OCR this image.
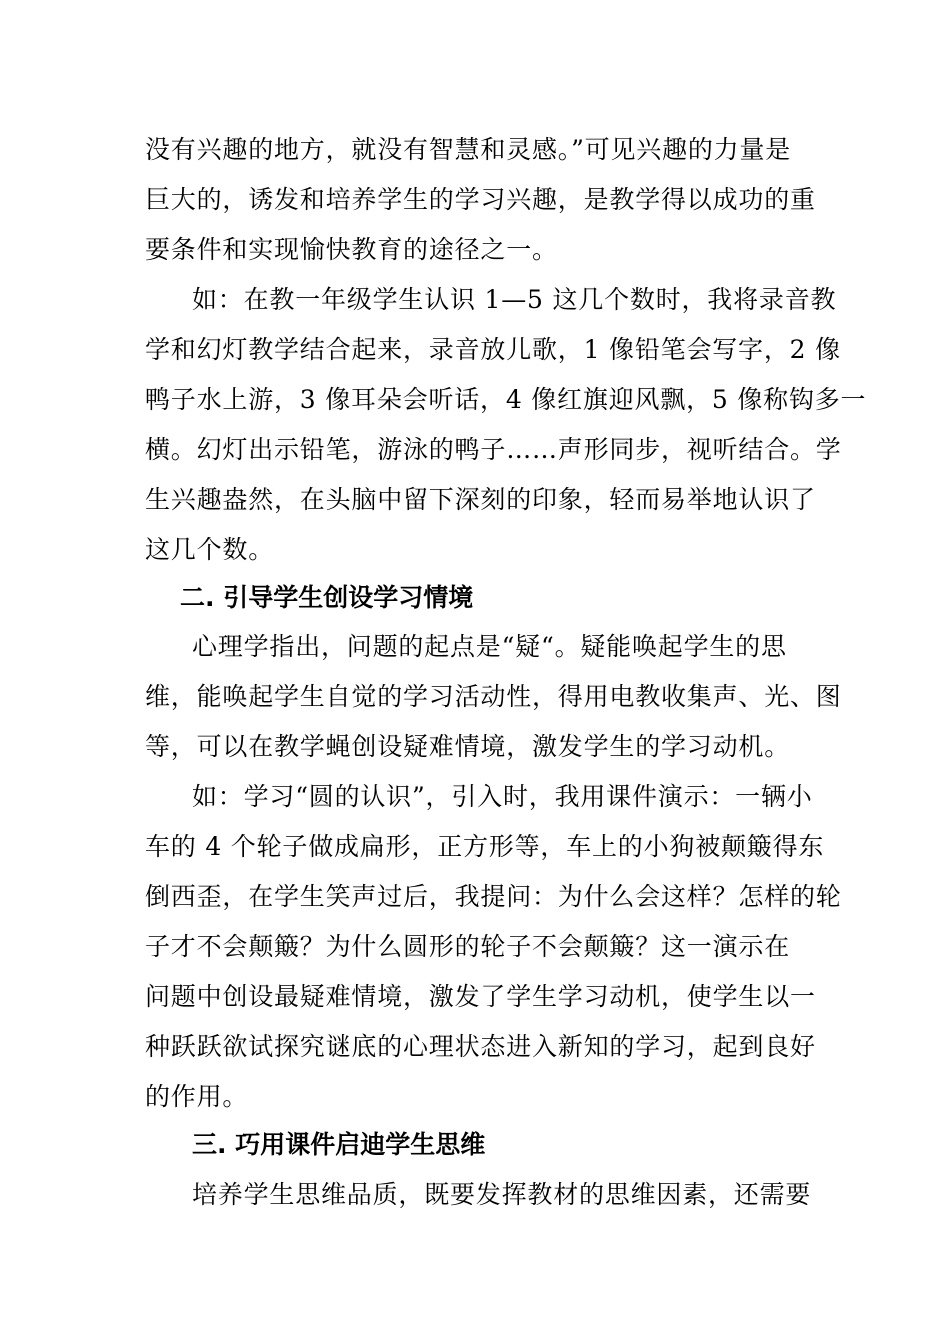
没有兴趣的地方，就没有智慧和灵感。”可见兴趣的力量是
巨大的，诱发和培养学生的学习兴趣，是教学得以成功的重
要条件和实现愉快教育的途径之一。
如：在教一年级学生认识 1—5 这几个数时，我将录音教
学和幻灯教学结合起来，录音放儿歌，1 像铅笔会写字，2 像
鸭子水上游，3 像耳朵会听话，4 像红旗迎风飘，5 像称钩多一
横。幻灯出示铅笔，游泳的鸭子……声形同步，视听结合。学
生兴趣盎然，在头脑中留下深刻的印象，轻而易举地认识了
这几个数。
二. 引导学生创设学习情境
心理学指出，问题的起点是“疑“。疑能唤起学生的思
维，能唤起学生自觉的学习活动性，得用电教收集声、光、图
等，可以在教学蝇创设疑难情境，激发学生的学习动机。
如：学习“圆的认识”，引入时，我用课件演示：一辆小
车的 4 个轮子做成扁形，正方形等，车上的小狗被颠簸得东
倒西歪，在学生笑声过后，我提问：为什么会这样？怎样的轮
子才不会颠簸？为什么圆形的轮子不会颠簸？这一演示在
问题中创设最疑难情境，激发了学生学习动机，使学生以一
种跃跃欲试探究谜底的心理状态进入新知的学习，起到良好
的作用。
三. 巧用课件启迪学生思维
培养学生思维品质，既要发挥教材的思维因素，还需要
